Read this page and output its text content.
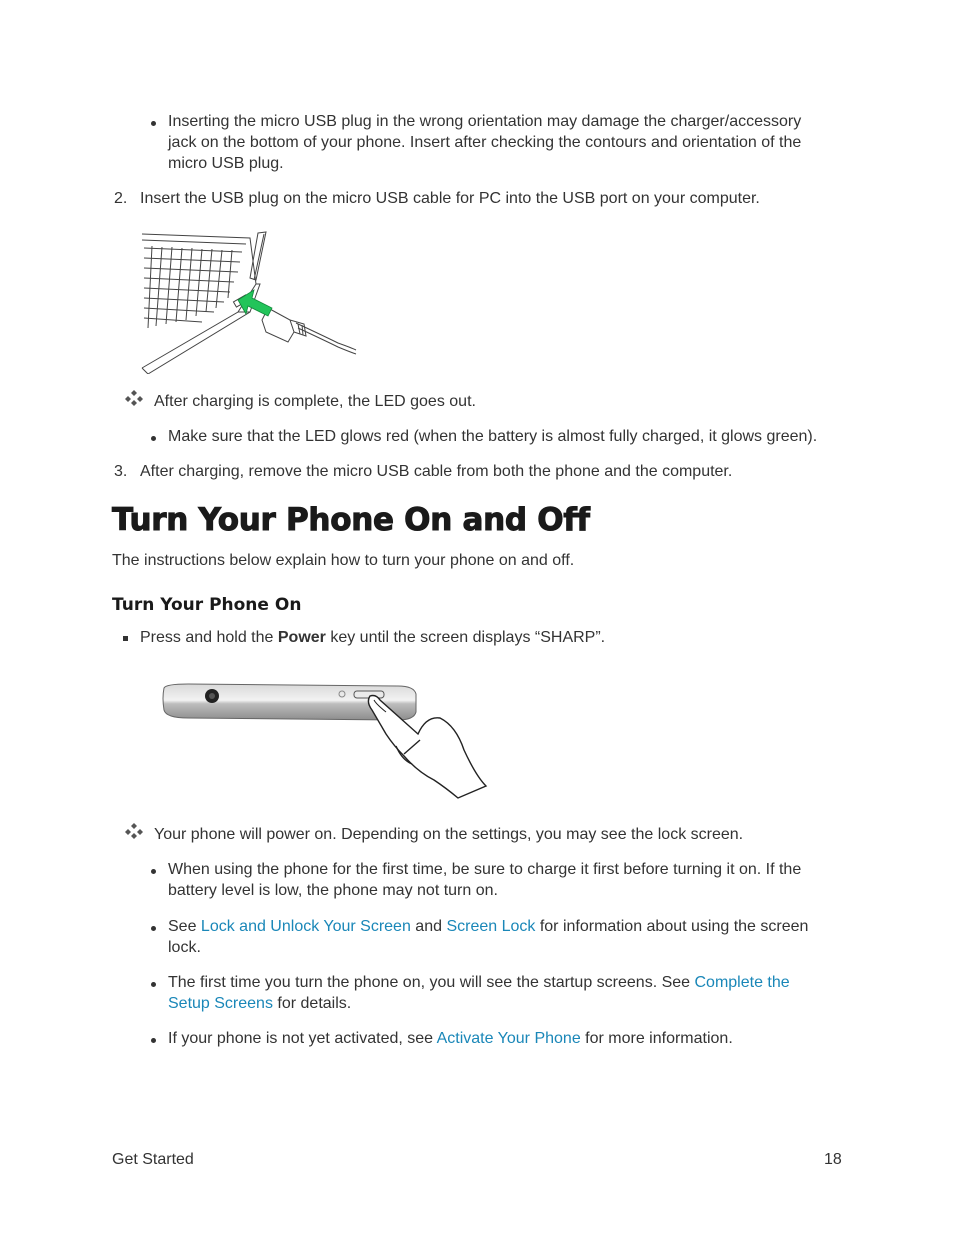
Inserting the micro USB plug in the wrong orientation may damage the charger/accessory
jack on the bottom of your phone. Insert after checking the contours and orientation of the
micro USB plug.
2. Insert the USB plug on the micro USB cable for PC into the USB port on your computer.
After charging is complete, the LED goes out.
Make sure that the LED glows red (when the battery is almost fully charged, it glows green).
3. After charging, remove the micro USB cable from both the phone and the computer.
Turn Your Phone On and Off
The instructions below explain how to turn your phone on and off.
Turn Your Phone On
Press and hold the Power key until the screen displays “SHARP”.
Your phone will power on. Depending on the settings, you may see the lock screen.
When using the phone for the first time, be sure to charge it first before turning it on. If the
battery level is low, the phone may not turn on.
See Lock and Unlock Your Screen and Screen Lock for information about using the screen
lock.
The first time you turn the phone on, you will see the startup screens. See Complete the
Setup Screens for details.
If your phone is not yet activated, see Activate Your Phone for more information.
Get Started	18
